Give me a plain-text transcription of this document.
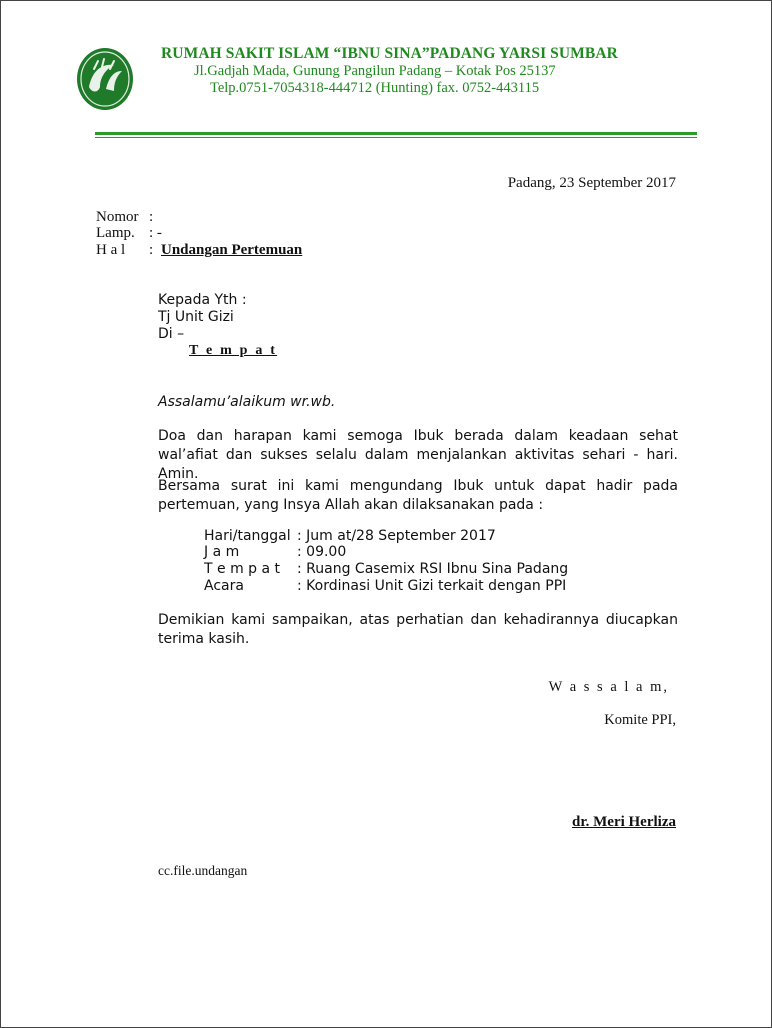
RUMAH SAKIT ISLAM “IBNU SINA”PADANG YARSI SUMBAR
Jl.Gadjah Mada, Gunung Pangilun Padang – Kotak Pos 25137
Telp.0751-7054318-444712 (Hunting) fax. 0752-443115
Padang, 23 September 2017
Nomor :
Lamp. : -
H a l : Undangan Pertemuan
Kepada Yth :
Tj Unit Gizi
Di –
T e m p a t
Assalamu’alaikum wr.wb.
Doa dan harapan kami semoga Ibuk berada dalam keadaan sehat wal’afiat dan sukses selalu dalam menjalankan aktivitas sehari - hari. Amin.
Bersama surat ini kami mengundang Ibuk untuk dapat hadir pada pertemuan, yang Insya Allah akan dilaksanakan pada :
Hari/tanggal : Jum at/28 September 2017
J a m	: 09.00
T e m p a t : Ruang Casemix RSI Ibnu Sina Padang
Acara	: Kordinasi Unit Gizi terkait dengan PPI
Demikian kami sampaikan, atas perhatian dan kehadirannya diucapkan terima kasih.
W a s s a l a m,
Komite PPI,
dr. Meri Herliza
cc.file.undangan
